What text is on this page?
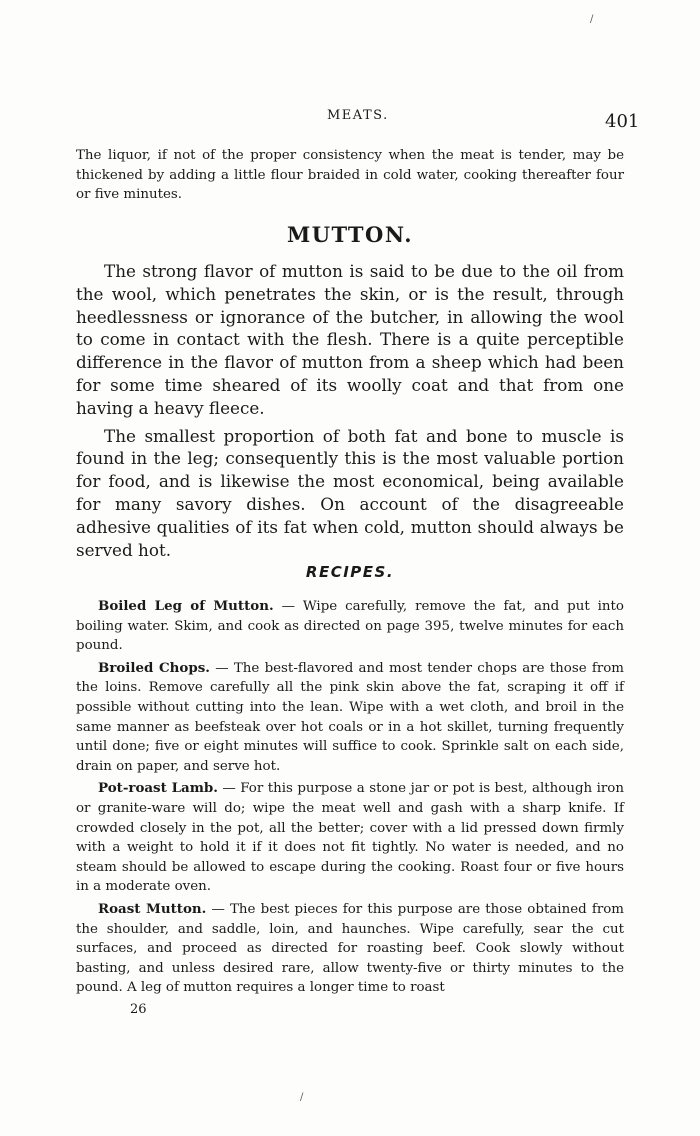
/
MEATS.	401
The liquor, if not of the proper consistency when the meat is tender, may be thickened by adding a little flour braided in cold water, cooking thereafter four or five minutes.
MUTTON.

The strong flavor of mutton is said to be due to the oil from the wool, which penetrates the skin, or is the result, through heedlessness or ignorance of the butcher, in allowing the wool to come in contact with the flesh. There is a quite perceptible difference in the flavor of mutton from a sheep which had been for some time sheared of its woolly coat and that from one having a heavy fleece.

The smallest proportion of both fat and bone to muscle is found in the leg; consequently this is the most valuable portion for food, and is likewise the most economical, being available for many savory dishes. On account of the disagreeable adhesive qualities of its fat when cold, mutton should always be served hot.

RECIPES.

Boiled Leg of Mutton. — Wipe carefully, remove the fat, and put into boiling water. Skim, and cook as directed on page 395, twelve minutes for each pound.

Broiled Chops. — The best-flavored and most tender chops are those from the loins. Remove carefully all the pink skin above the fat, scraping it off if possible without cutting into the lean. Wipe with a wet cloth, and broil in the same manner as beefsteak over hot coals or in a hot skillet, turning frequently until done; five or eight minutes will suffice to cook. Sprinkle salt on each side, drain on paper, and serve hot.

Pot-roast Lamb. — For this purpose a stone jar or pot is best, although iron or granite-ware will do; wipe the meat well and gash with a sharp knife. If crowded closely in the pot, all the better; cover with a lid pressed down firmly with a weight to hold it if it does not fit tightly. No water is needed, and no steam should be allowed to escape during the cooking. Roast four or five hours in a moderate oven.

Roast Mutton. — The best pieces for this purpose are those obtained from the shoulder, and saddle, loin, and haunches. Wipe carefully, sear the cut surfaces, and proceed as directed for roasting beef. Cook slowly without basting, and unless desired rare, allow twenty-five or thirty minutes to the pound. A leg of mutton requires a longer time to roast

26
/
